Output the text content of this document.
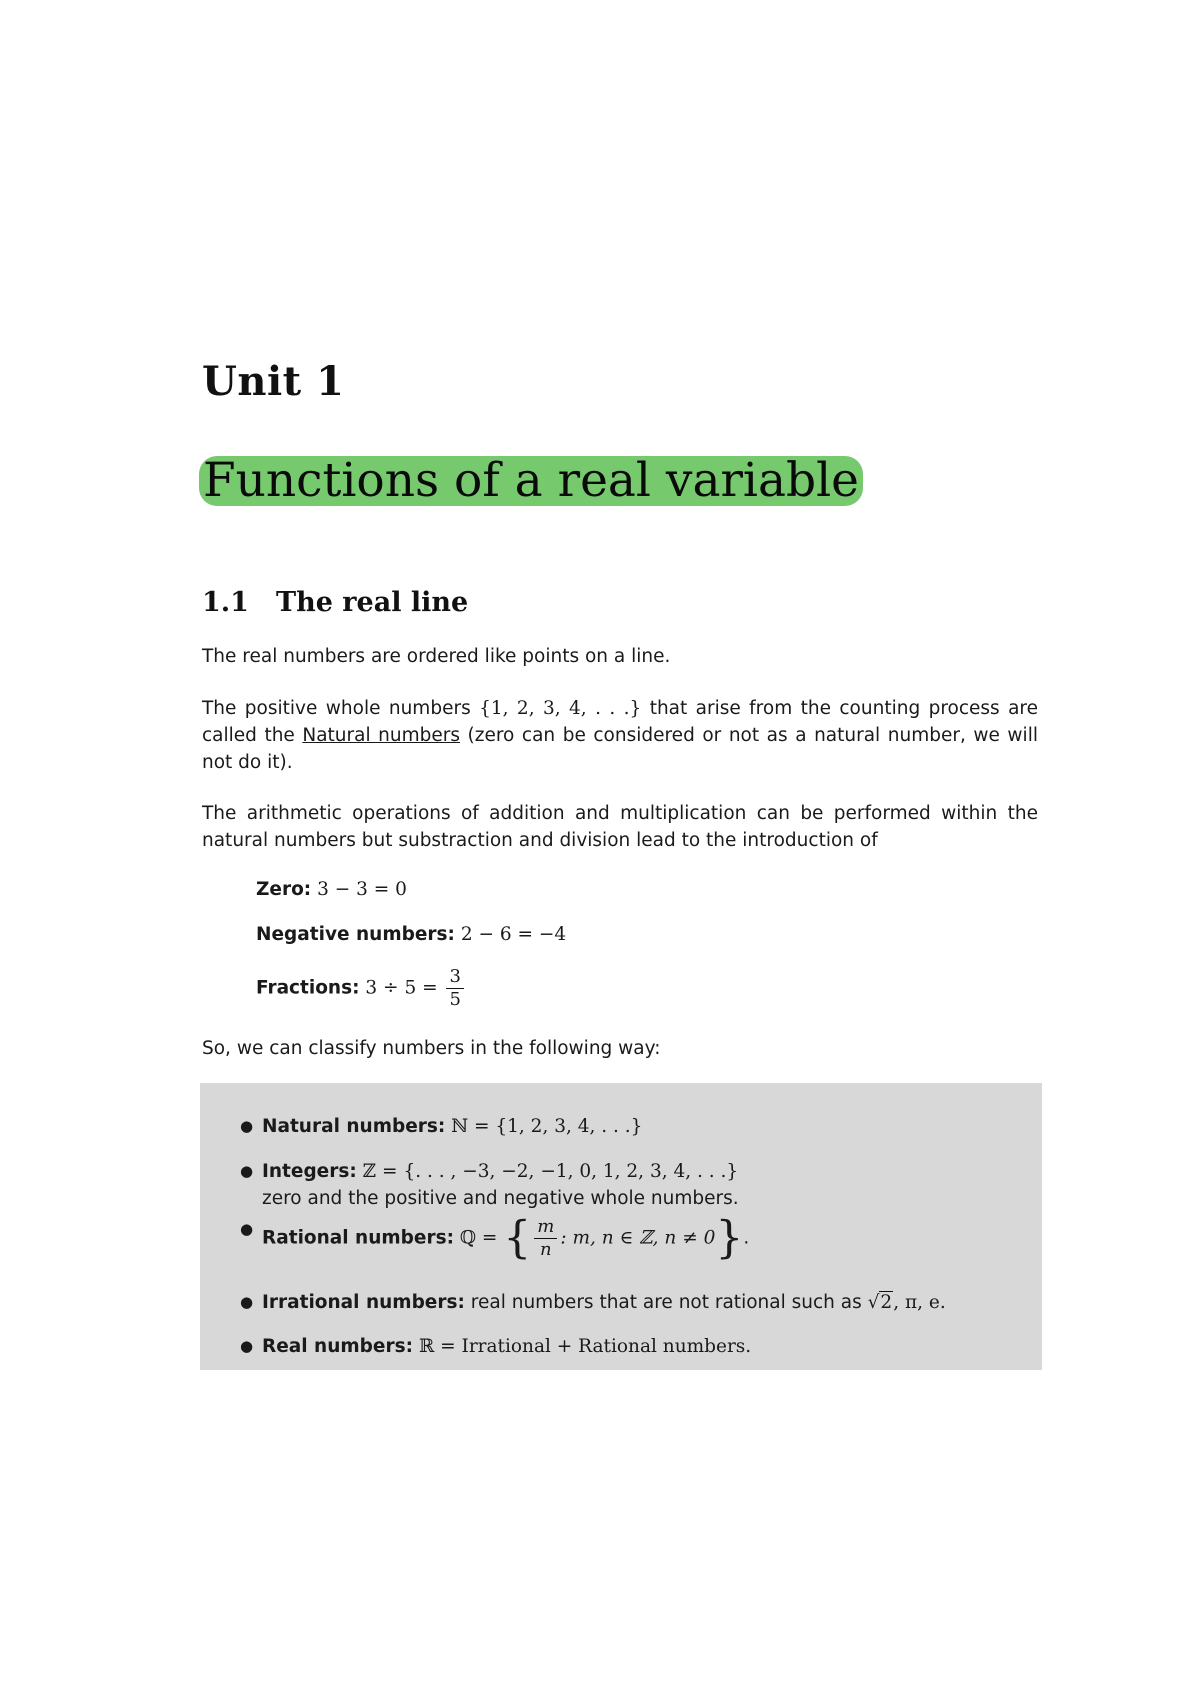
Unit 1
Functions of a real variable
1.1 The real line
The real numbers are ordered like points on a line.
The positive whole numbers {1, 2, 3, 4, . . .} that arise from the counting process are called the Natural numbers (zero can be considered or not as a natural number, we will not do it).
The arithmetic operations of addition and multiplication can be performed within the natural numbers but substraction and division lead to the introduction of
Zero: 3 − 3 = 0
Negative numbers: 2 − 6 = −4
Fractions: $3 \div 5 = \frac{3}{5}$
So, we can classify numbers in the following way:
● Natural numbers: ℕ = {1, 2, 3, 4, . . .}
● Integers: ℤ = {. . . , −3, −2, −1, 0, 1, 2, 3, 4, . . .}
zero and the positive and negative whole numbers.
● Rational numbers: ℚ = { $\frac{m}{n}$ : m, n ∈ ℤ, n ≠ 0}.
● Irrational numbers: real numbers that are not rational such as √2, π, e.
● Real numbers: ℝ = Irrational + Rational numbers.
